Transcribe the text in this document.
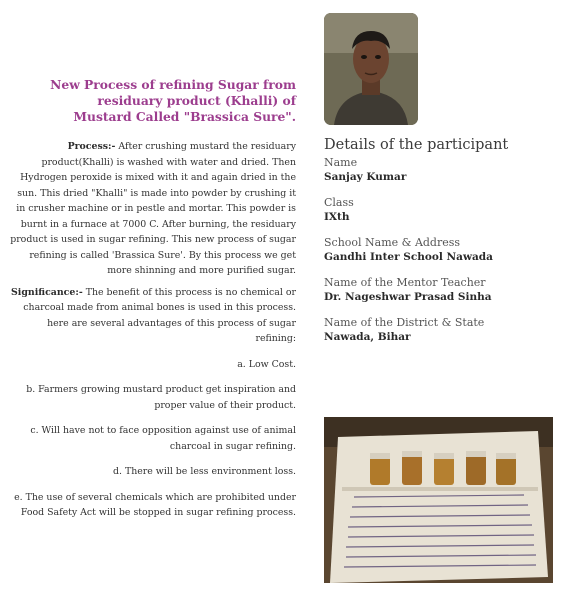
New Process of refining Sugar from
residuary product (Khalli) of
Mustard Called "Brassica Sure".

Process:- After crushing mustard the residuary product(Khalli) is washed with water and dried. Then Hydrogen peroxide is mixed with it and again dried in the sun. This dried "Khalli" is made into powder by crushing it in crusher machine or in pestle and mortar. This powder is burnt in a furnace at 7000 C. After burning, the residuary product is used in sugar refining. This new process of sugar refining is called 'Brassica Sure'. By this process we get more shinning and more purified sugar.

Significance:- The benefit of this process is no chemical or charcoal made from animal bones is used in this process. here are several advantages of this process of sugar refining:

a. Low Cost.

b. Farmers growing mustard product get inspiration and proper value of their product.

c. Will have not to face opposition against use of animal charcoal in sugar refining.

d. There will be less environment loss.

e. The use of several chemicals which are prohibited under Food Safety Act will be stopped in sugar refining process.

Details of the participant
Name
Sanjay Kumar
Class
IXth
School Name & Address
Gandhi Inter School Nawada
Name of the Mentor Teacher
Dr. Nageshwar Prasad Sinha
Name of the District & State
Nawada, Bihar
